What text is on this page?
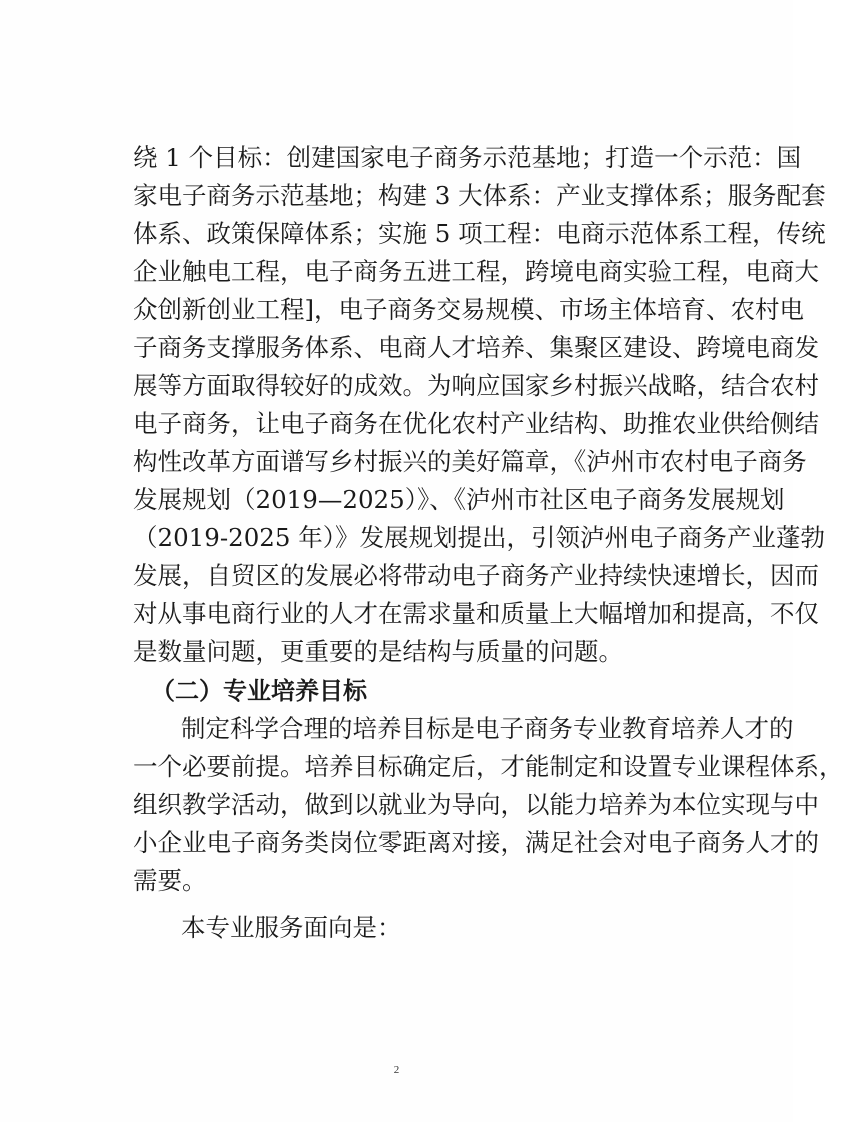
绕 1 个目标：创建国家电子商务示范基地；打造一个示范：国
家电子商务示范基地；构建 3 大体系：产业支撑体系；服务配套
体系、政策保障体系；实施 5 项工程：电商示范体系工程，传统
企业触电工程，电子商务五进工程，跨境电商实验工程，电商大
众创新创业工程]，电子商务交易规模、市场主体培育、农村电
子商务支撑服务体系、电商人才培养、集聚区建设、跨境电商发
展等方面取得较好的成效。为响应国家乡村振兴战略，结合农村
电子商务，让电子商务在优化农村产业结构、助推农业供给侧结
构性改革方面谱写乡村振兴的美好篇章，《泸州市农村电子商务
发展规划（2019—2025）》、《泸州市社区电子商务发展规划
（2019-2025 年）》发展规划提出，引领泸州电子商务产业蓬勃
发展，自贸区的发展必将带动电子商务产业持续快速增长，因而
对从事电商行业的人才在需求量和质量上大幅增加和提高，不仅
是数量问题，更重要的是结构与质量的问题。
（二）专业培养目标
制定科学合理的培养目标是电子商务专业教育培养人才的
一个必要前提。培养目标确定后，才能制定和设置专业课程体系，
组织教学活动，做到以就业为导向，以能力培养为本位实现与中
小企业电子商务类岗位零距离对接，满足社会对电子商务人才的
需要。
本专业服务面向是：
2
